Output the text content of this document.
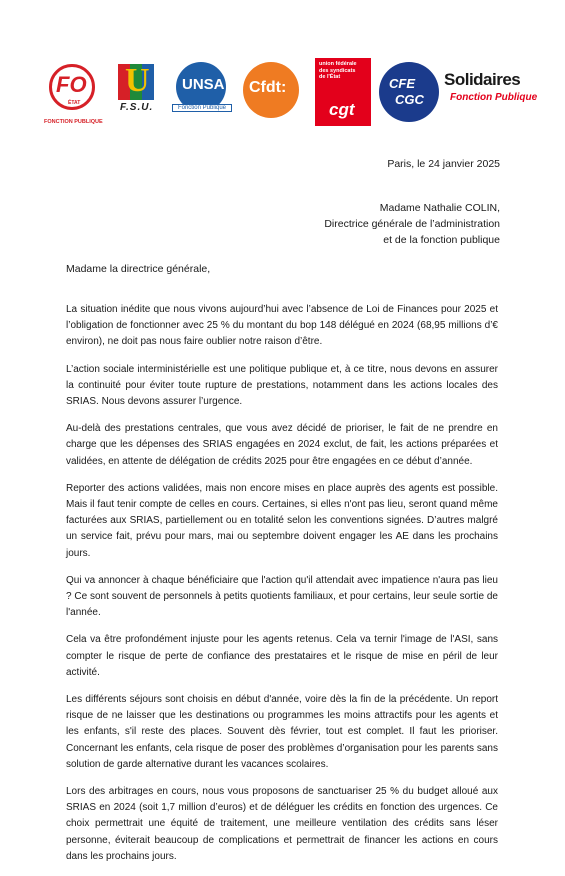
FO
ÉTAT
FONCTION PUBLIQUE
U
F.S.U.
UNSA
Fonction Publique
Cfdt:
union fédérale
des syndicats
de l'État
cgt
CFE
CGC
Solidaires
Fonction Publique
Paris, le 24 janvier 2025
Madame Nathalie COLIN,
Directrice générale de l’administration
et de la fonction publique
Madame la directrice générale,

La situation inédite que nous vivons aujourd’hui avec l’absence de Loi de Finances pour 2025 et l’obligation de fonctionner avec 25 % du montant du bop 148 délégué en 2024 (68,95 millions d’€ environ), ne doit pas nous faire oublier notre raison d’être.

L’action sociale interministérielle est une politique publique et, à ce titre, nous devons en assurer la continuité pour éviter toute rupture de prestations, notamment dans les actions locales des SRIAS. Nous devons assurer l’urgence.

Au-delà des prestations centrales, que vous avez décidé de prioriser, le fait de ne prendre en charge que les dépenses des SRIAS engagées en 2024 exclut, de fait, les actions préparées et validées, en attente de délégation de crédits 2025 pour être engagées en ce début d’année.

Reporter des actions validées, mais non encore mises en place auprès des agents est possible. Mais il faut tenir compte de celles en cours. Certaines, si elles n'ont pas lieu, seront quand même facturées aux SRIAS, partiellement ou en totalité selon les conventions signées. D’autres malgré un service fait, prévu pour mars, mai ou septembre doivent engager les AE dans les prochains jours.

Qui va annoncer à chaque bénéficiaire que l'action qu'il attendait avec impatience n'aura pas lieu ? Ce sont souvent de personnels à petits quotients familiaux, et pour certains, leur seule sortie de l'année.

Cela va être profondément injuste pour les agents retenus. Cela va ternir l'image de l'ASI, sans compter le risque de perte de confiance des prestataires et le risque de mise en péril de leur activité.

Les différents séjours sont choisis en début d'année, voire dès la fin de la précédente. Un report risque de ne laisser que les destinations ou programmes les moins attractifs pour les agents et les enfants, s'il reste des places. Souvent dès février, tout est complet. Il faut les prioriser. Concernant les enfants, cela risque de poser des problèmes d’organisation pour les parents sans solution de garde alternative durant les vacances scolaires.

Lors des arbitrages en cours, nous vous proposons de sanctuariser 25 % du budget alloué aux SRIAS en 2024 (soit 1,7 million d’euros) et de déléguer les crédits en fonction des urgences. Ce choix permettrait une équité de traitement, une meilleure ventilation des crédits sans léser personne, éviterait beaucoup de complications et permettrait de financer les actions en cours dans les prochains jours.
